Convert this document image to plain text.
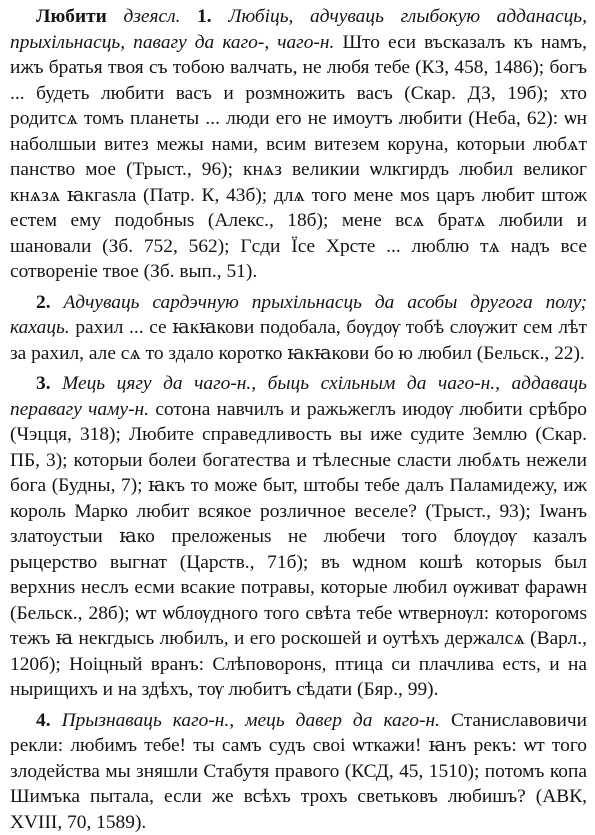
Любити дзеясл. 1. Любіць, адчуваць глыбокую адданасць, прыхільнасць, павагу да каго-, чаго-н. Што еси въсказалъ къ намъ, ижъ братья твоя съ тобою валчать, не любя тебе (КЗ, 458, 1486); богъ ... будеть любити васъ и розмножить васъ (Скар. ДЗ, 19б); хто родитсѧ томъ планеты ... люди его не имоутъ любити (Неба, 62): ѡн наболшыи витез межы нами, всим витезем коруна, которыи любѧт панство мое (Трыст., 96); кнѧз великии ѡлкгирдъ любил великог кнѧзѧ ꙗкгаѕла (Патр. К, 43б); длѧ того мене моѕ царъ любит штож естем ему подобныѕ (Алекс., 18б); мене всѧ братѧ любили и шановали (Зб. 752, 562); Гсди Їсе Хрсте ... люблю тѧ надъ все сотвореніе твое (Зб. вып., 51).

2. Адчуваць сардэчную прыхільнасць да асобы другога полу; кахаць. рахил ... се ꙗкꙗкови подобала, бѹдѹ тобѣ слѹжит сем лѣт за рахил, але сѧ то здало коротко ꙗкꙗкови бо ю любил (Бельск., 22).

3. Мець цягу да чаго-н., быць схільным да чаго-н., аддаваць перавагу чаму-н. сотона навчилъ и ражьжеглъ июдѹ любити срѣбро (Чэцця, 318); Любите справедливость вы иже судите Землю (Скар. ПБ, 3); которыи болеи богатества и тѣлесные сласти любѧть нежели бога (Будны, 7); ꙗкъ то може быт, штобы тебе далъ Паламидежу, иж король Марко любит всякое розличное веселе? (Трыст., 93); Іѡанъ златоустыи ꙗко преложеныѕ не любечи того блѹдѹ казалъ рыцерство выгнат (Царств., 71б); въ ѡдном кошѣ которыѕ был верхниѕ неслъ есми всакие потравы, которые любил ѹживат фараѡн (Бельск., 28б); ѡт ѡблѹдного того свѣта тебе ѡтвернѹл: которогомѕ тежъ ꙗ некгдысь любилъ, и его роскошей и оутѣхъ держалсѧ (Варл., 120б); Ноіцный вранъ: Слѣповоронѕ, птица си плачлива естѕ, и на нырищихъ и на здѣхъ, тѹ любитъ сѣдати (Бяр., 99).

4. Прызнаваць каго-н., мець давер да каго-н. Станиславовичи рекли: любимъ тебе! ты самъ судъ своі ѡткажи! ꙗнъ рекъ: ѡт того злодейства мы зняшли Стабутя правого (КСД, 45, 1510); потомъ копа Шимъка пытала, если же всѣхъ трохъ светьковъ любишъ? (АВК, XVIII, 70, 1589).
